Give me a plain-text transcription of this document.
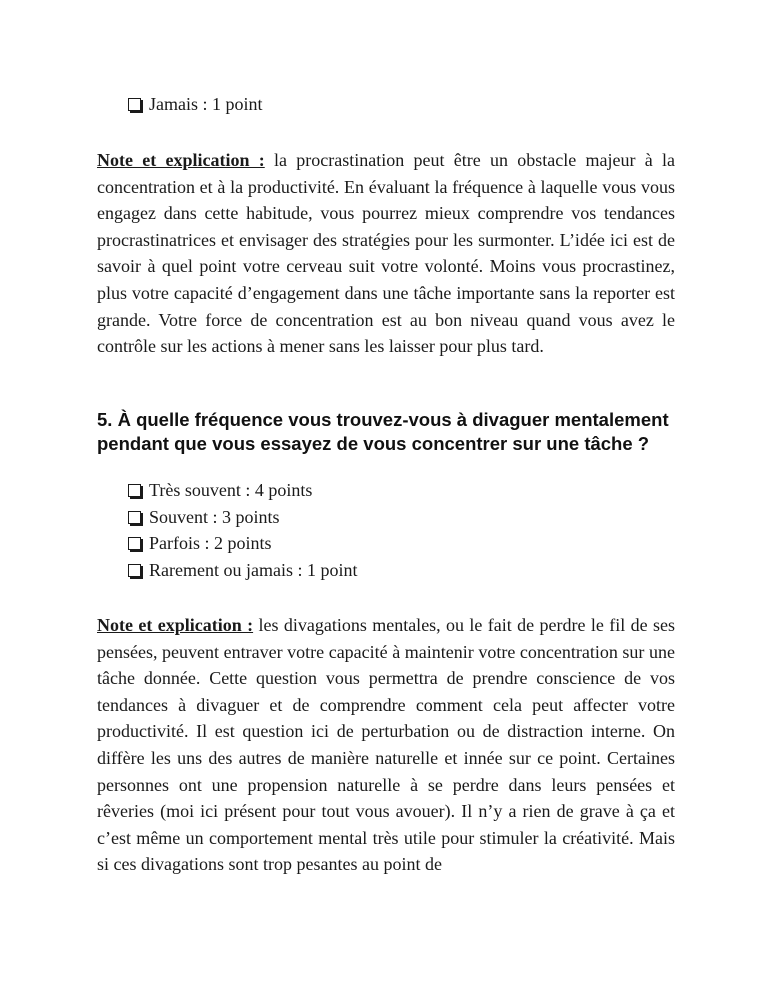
Jamais : 1 point

Note et explication : la procrastination peut être un obstacle majeur à la concentration et à la productivité. En évaluant la fréquence à laquelle vous vous engagez dans cette habitude, vous pourrez mieux comprendre vos tendances procrastinatrices et envisager des stratégies pour les surmonter. L’idée ici est de savoir à quel point votre cerveau suit votre volonté. Moins vous procrastinez, plus votre capacité d’engagement dans une tâche importante sans la reporter est grande. Votre force de concentration est au bon niveau quand vous avez le contrôle sur les actions à mener sans les laisser pour plus tard.

5. À quelle fréquence vous trouvez-vous à divaguer mentalement pendant que vous essayez de vous concentrer sur une tâche ?
Très souvent : 4 points
Souvent : 3 points
Parfois : 2 points
Rarement ou jamais : 1 point

Note et explication : les divagations mentales, ou le fait de perdre le fil de ses pensées, peuvent entraver votre capacité à maintenir votre concentration sur une tâche donnée. Cette question vous permettra de prendre conscience de vos tendances à divaguer et de comprendre comment cela peut affecter votre productivité. Il est question ici de perturbation ou de distraction interne. On diffère les uns des autres de manière naturelle et innée sur ce point. Certaines personnes ont une propension naturelle à se perdre dans leurs pensées et rêveries (moi ici présent pour tout vous avouer). Il n’y a rien de grave à ça et c’est même un comportement mental très utile pour stimuler la créativité. Mais si ces divagations sont trop pesantes au point de
